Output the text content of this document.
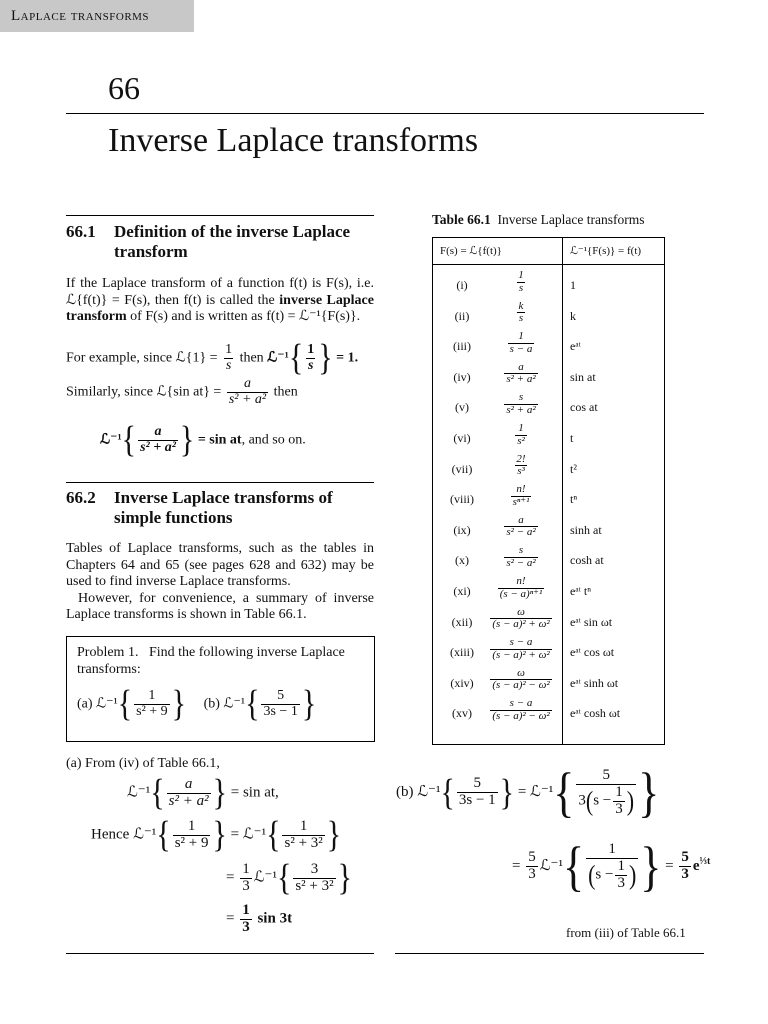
Laplace transforms
66
Inverse Laplace transforms
66.1 Definition of the inverse Laplace
transform
If the Laplace transform of a function f(t) is F(s), i.e. ℒ{f(t)} = F(s), then f(t) is called the inverse Laplace transform of F(s) and is written as f(t) = ℒ⁻¹{F(s)}.
For example, since ℒ{1} = $\frac{1}{s}$ then ℒ⁻¹{ $\frac{1}{s}$ } = 1.
Similarly, since ℒ{sin $at\} = \frac{a}{\text{s² + a²}}$ then
ℒ⁻¹{ $\frac{a}{\text{s² + a²}}$ } = sin at, and so on.
66.2 Inverse Laplace transforms of
simple functions
Tables of Laplace transforms, such as the tables in Chapters 64 and 65 (see pages 628 and 632) may be used to find inverse Laplace transforms.
However, for convenience, a summary of inverse Laplace transforms is shown in Table 66.1.
Problem 1. Find the following inverse Laplace transforms:
(a) ℒ⁻¹{ $\frac{1}{\text{s² + 9}}$ } (b) ℒ⁻¹{ $\frac{5}{3s - 1}$ }
(a) From (iv) of Table 66.1,
ℒ⁻¹{ $\frac{a}{\text{s² + a²}}$ } = sin at,
Hence ℒ⁻¹{ $\frac{1}{\text{s² + 9}}$ } = ℒ⁻¹{ $\frac{1}{\text{s² + 3²}}$ }
= $\frac{1}{3}$ ℒ⁻¹{ $\frac{3}{\text{s² + 3²}}$ }
= $\frac{1}{3}$ sin 3t
(b) ℒ⁻¹{ $\frac{5}{3s - 1}$ } = ℒ⁻¹{ $\frac{5}{3(s - \frac{1}{3} )}$ }
= $\frac{5}{3}$ ℒ⁻¹{ $\frac{1}{(s - \frac{1}{3} )}$ } = $\frac{5}{3} e^{\frac{1}{3}t}$
from (iii) of Table 66.1
Table 66.1 Inverse Laplace transforms
F(s) = ℒ{f(t)}	ℒ⁻¹{F(s)} = f(t)
(i)	$\frac{1}{s}$	1
(ii)	$\frac{k}{s}$	k
(iii)	$\frac{1}{s - a}$	eᵃᵗ
(iv)	$\frac{a}{\text{s² + a²}}$	sin at
(v)	$\frac{s}{\text{s² + a²}}$	cos at
(vi)	$\frac{1}{\text{s²}}$	t
(vii)	$\frac{2!}{\text{s³}}$	t²
(viii)	$\frac{n!}{\text{sⁿ⁺¹}}$	tⁿ
(ix)	$\frac{a}{\text{s² − a²}}$	sinh at
(x)	$\frac{s}{\text{s² − a²}}$	cosh at
(xi)	$\frac{n!}{\text{(s − a)ⁿ⁺¹}}$ eᵃᵗ tⁿ
(xii)	$\frac{\omega}{\text{(s − a)² + ω²}}$ eᵃᵗ sin ωt
(xiii)	$\frac{s - a}{\text{(s − a)² + ω²}}$ eᵃᵗ cos ωt
(xiv)	$\frac{\omega}{\text{(s − a)² − ω²}}$ eᵃᵗ sinh ωt
(xv)	$\frac{s - a}{\text{(s − a)² − ω²}}$ eᵃᵗ cosh ωt
